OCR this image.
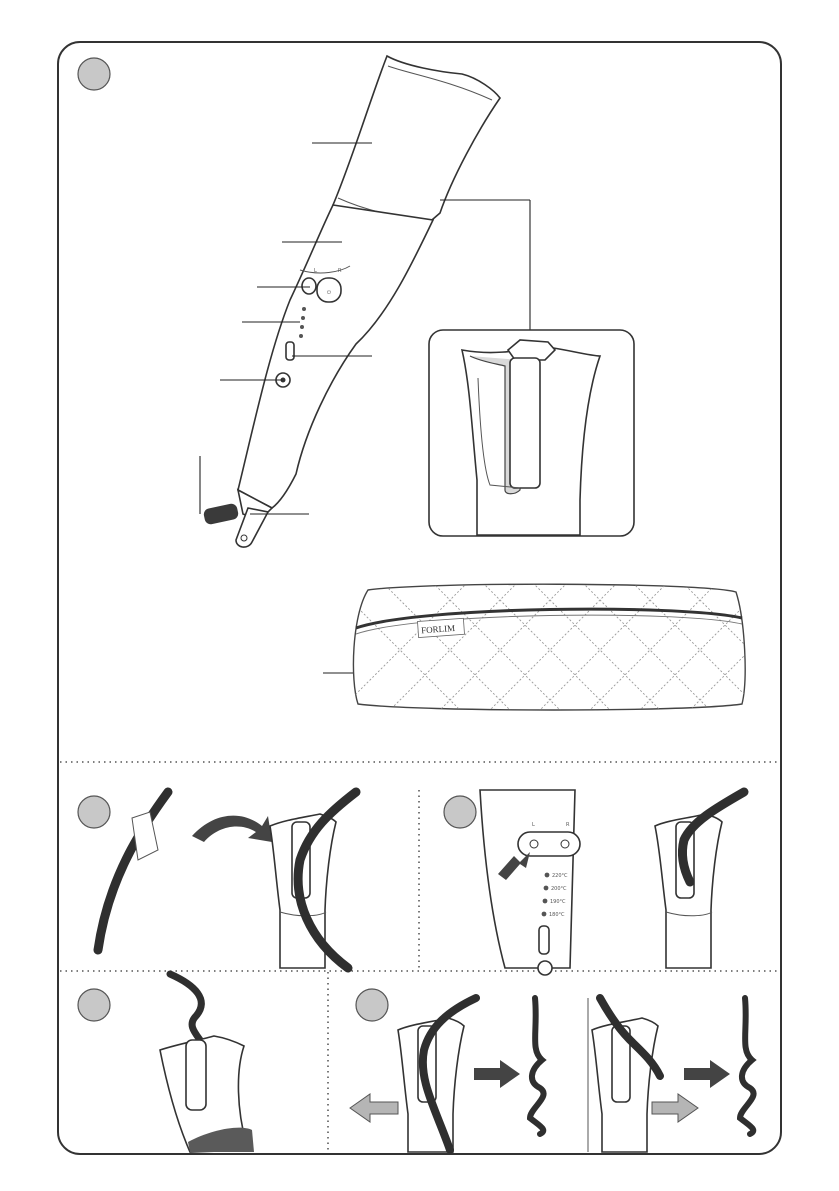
⏻
L	R
FORLIM
L	R
220°C
200°C
190°C
180°C
